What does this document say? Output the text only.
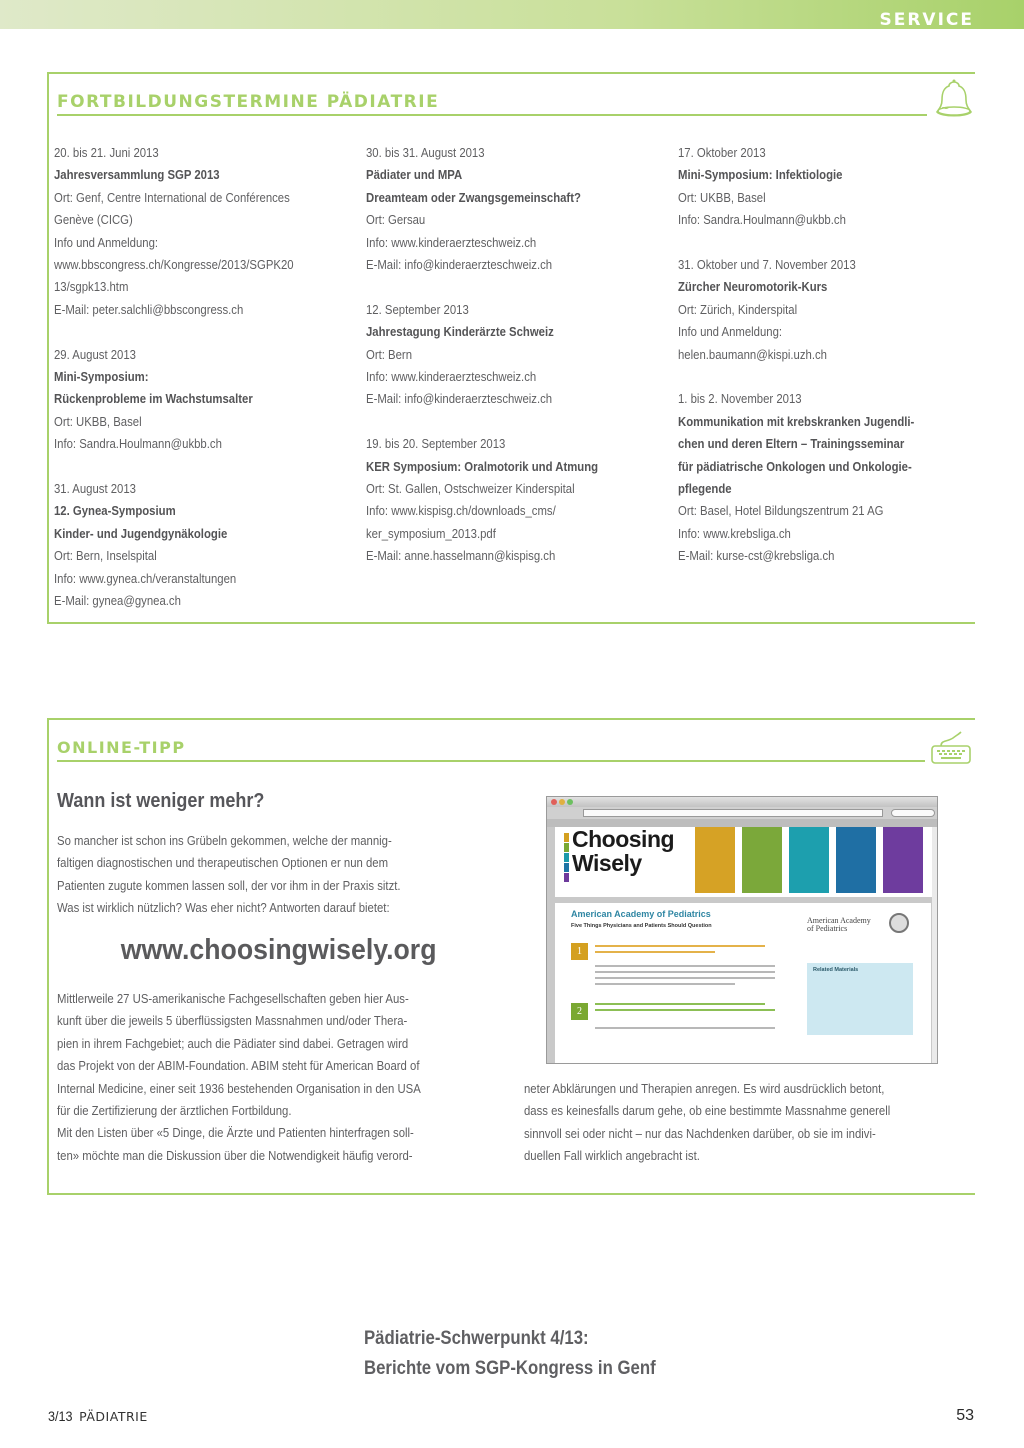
SERVICE
FORTBILDUNGSTERMINE PÄDIATRIE
20. bis 21. Juni 2013
Jahresversammlung SGP 2013
Ort: Genf, Centre International de Conférences
Genève (CICG)
Info und Anmeldung:
www.bbscongress.ch/Kongresse/2013/SGPK20
13/sgpk13.htm
E-Mail: peter.salchli@bbscongress.ch
29. August 2013
Mini-Symposium:
Rückenprobleme im Wachstumsalter
Ort: UKBB, Basel
Info: Sandra.Houlmann@ukbb.ch
31. August 2013
12. Gynea-Symposium
Kinder- und Jugendgynäkologie
Ort: Bern, Inselspital
Info: www.gynea.ch/veranstaltungen
E-Mail: gynea@gynea.ch
30. bis 31. August 2013
Pädiater und MPA
Dreamteam oder Zwangsgemeinschaft?
Ort: Gersau
Info: www.kinderaerzteschweiz.ch
E-Mail: info@kinderaerzteschweiz.ch
12. September 2013
Jahrestagung Kinderärzte Schweiz
Ort: Bern
Info: www.kinderaerzteschweiz.ch
E-Mail: info@kinderaerzteschweiz.ch
19. bis 20. September 2013
KER Symposium: Oralmotorik und Atmung
Ort: St. Gallen, Ostschweizer Kinderspital
Info: www.kispisg.ch/downloads_cms/
ker_symposium_2013.pdf
E-Mail: anne.hasselmann@kispisg.ch
17. Oktober 2013
Mini-Symposium: Infektiologie
Ort: UKBB, Basel
Info: Sandra.Houlmann@ukbb.ch
31. Oktober und 7. November 2013
Zürcher Neuromotorik-Kurs
Ort: Zürich, Kinderspital
Info und Anmeldung:
helen.baumann@kispi.uzh.ch
1. bis 2. November 2013
Kommunikation mit krebskranken Jugendli-
chen und deren Eltern – Trainingsseminar
für pädiatrische Onkologen und Onkologie-
pflegende
Ort: Basel, Hotel Bildungszentrum 21 AG
Info: www.krebsliga.ch
E-Mail: kurse-cst@krebsliga.ch
ONLINE-TIPP
Wann ist weniger mehr?
So mancher ist schon ins Grübeln gekommen, welche der mannig-
faltigen diagnostischen und therapeutischen Optionen er nun dem
Patienten zugute kommen lassen soll, der vor ihm in der Praxis sitzt.
Was ist wirklich nützlich? Was eher nicht? Antworten darauf bietet:
www.choosingwisely.org
Mittlerweile 27 US-amerikanische Fachgesellschaften geben hier Aus-
kunft über die jeweils 5 überflüssigsten Massnahmen und/oder Thera-
pien in ihrem Fachgebiet; auch die Pädiater sind dabei. Getragen wird
das Projekt von der ABIM-Foundation. ABIM steht für American Board of
Internal Medicine, einer seit 1936 bestehenden Organisation in den USA
für die Zertifizierung der ärztlichen Fortbildung.
Mit den Listen über «5 Dinge, die Ärzte und Patienten hinterfragen soll-
ten» möchte man die Diskussion über die Notwendigkeit häufig verord-
neter Abklärungen und Therapien anregen. Es wird ausdrücklich betont,
dass es keinesfalls darum gehe, ob eine bestimmte Massnahme generell
sinnvoll sei oder nicht – nur das Nachdenken darüber, ob sie im indivi-
duellen Fall wirklich angebracht ist.
Choosing
Wisely
American Academy of Pediatrics
Five Things Physicians and Patients Should Question
1
2
American Academy
of Pediatrics
Related Materials
Pädiatrie-Schwerpunkt 4/13:
Berichte vom SGP-Kongress in Genf
3/13 PÄDIATRIE	53
